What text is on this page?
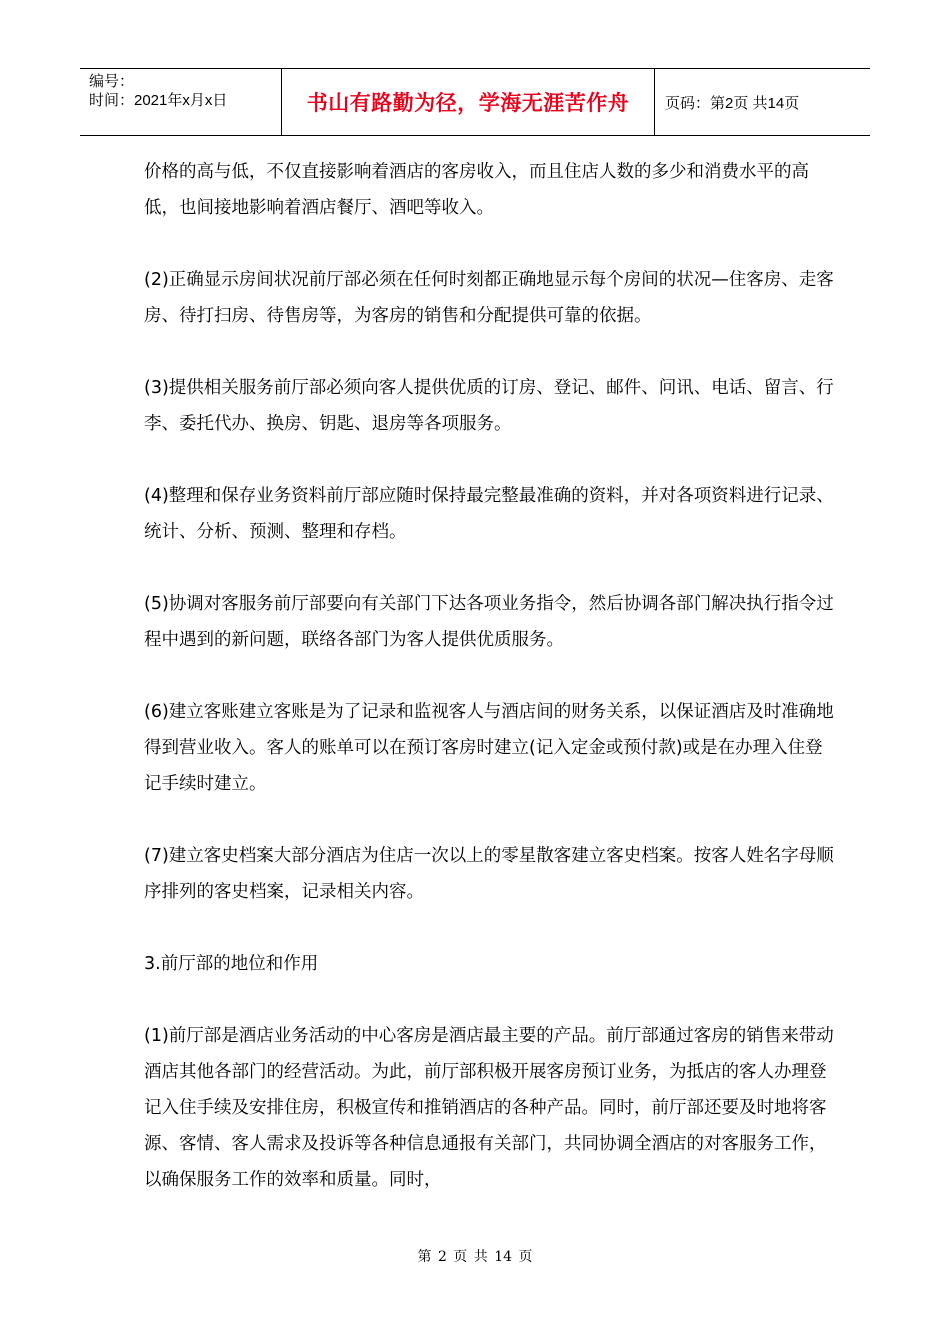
编号：
时间：2021年x月x日	书山有路勤为径，学海无涯苦作舟 页码：第2页 共14页

价格的高与低，不仅直接影响着酒店的客房收入，而且住店人数的多少和消费水平的高低，也间接地影响着酒店餐厅、酒吧等收入。

(2)正确显示房间状况前厅部必须在任何时刻都正确地显示每个房间的状况—住客房、走客房、待打扫房、待售房等，为客房的销售和分配提供可靠的依据。

(3)提供相关服务前厅部必须向客人提供优质的订房、登记、邮件、问讯、电话、留言、行李、委托代办、换房、钥匙、退房等各项服务。

(4)整理和保存业务资料前厅部应随时保持最完整最准确的资料，并对各项资料进行记录、统计、分析、预测、整理和存档。

(5)协调对客服务前厅部要向有关部门下达各项业务指令，然后协调各部门解决执行指令过程中遇到的新问题，联络各部门为客人提供优质服务。

(6)建立客账建立客账是为了记录和监视客人与酒店间的财务关系，以保证酒店及时准确地得到营业收入。客人的账单可以在预订客房时建立(记入定金或预付款)或是在办理入住登记手续时建立。

(7)建立客史档案大部分酒店为住店一次以上的零星散客建立客史档案。按客人姓名字母顺序排列的客史档案，记录相关内容。

3.前厅部的地位和作用

(1)前厅部是酒店业务活动的中心客房是酒店最主要的产品。前厅部通过客房的销售来带动酒店其他各部门的经营活动。为此，前厅部积极开展客房预订业务，为抵店的客人办理登记入住手续及安排住房，积极宣传和推销酒店的各种产品。同时，前厅部还要及时地将客源、客情、客人需求及投诉等各种信息通报有关部门，共同协调全酒店的对客服务工作，以确保服务工作的效率和质量。同时，

第 2 页 共 14 页
